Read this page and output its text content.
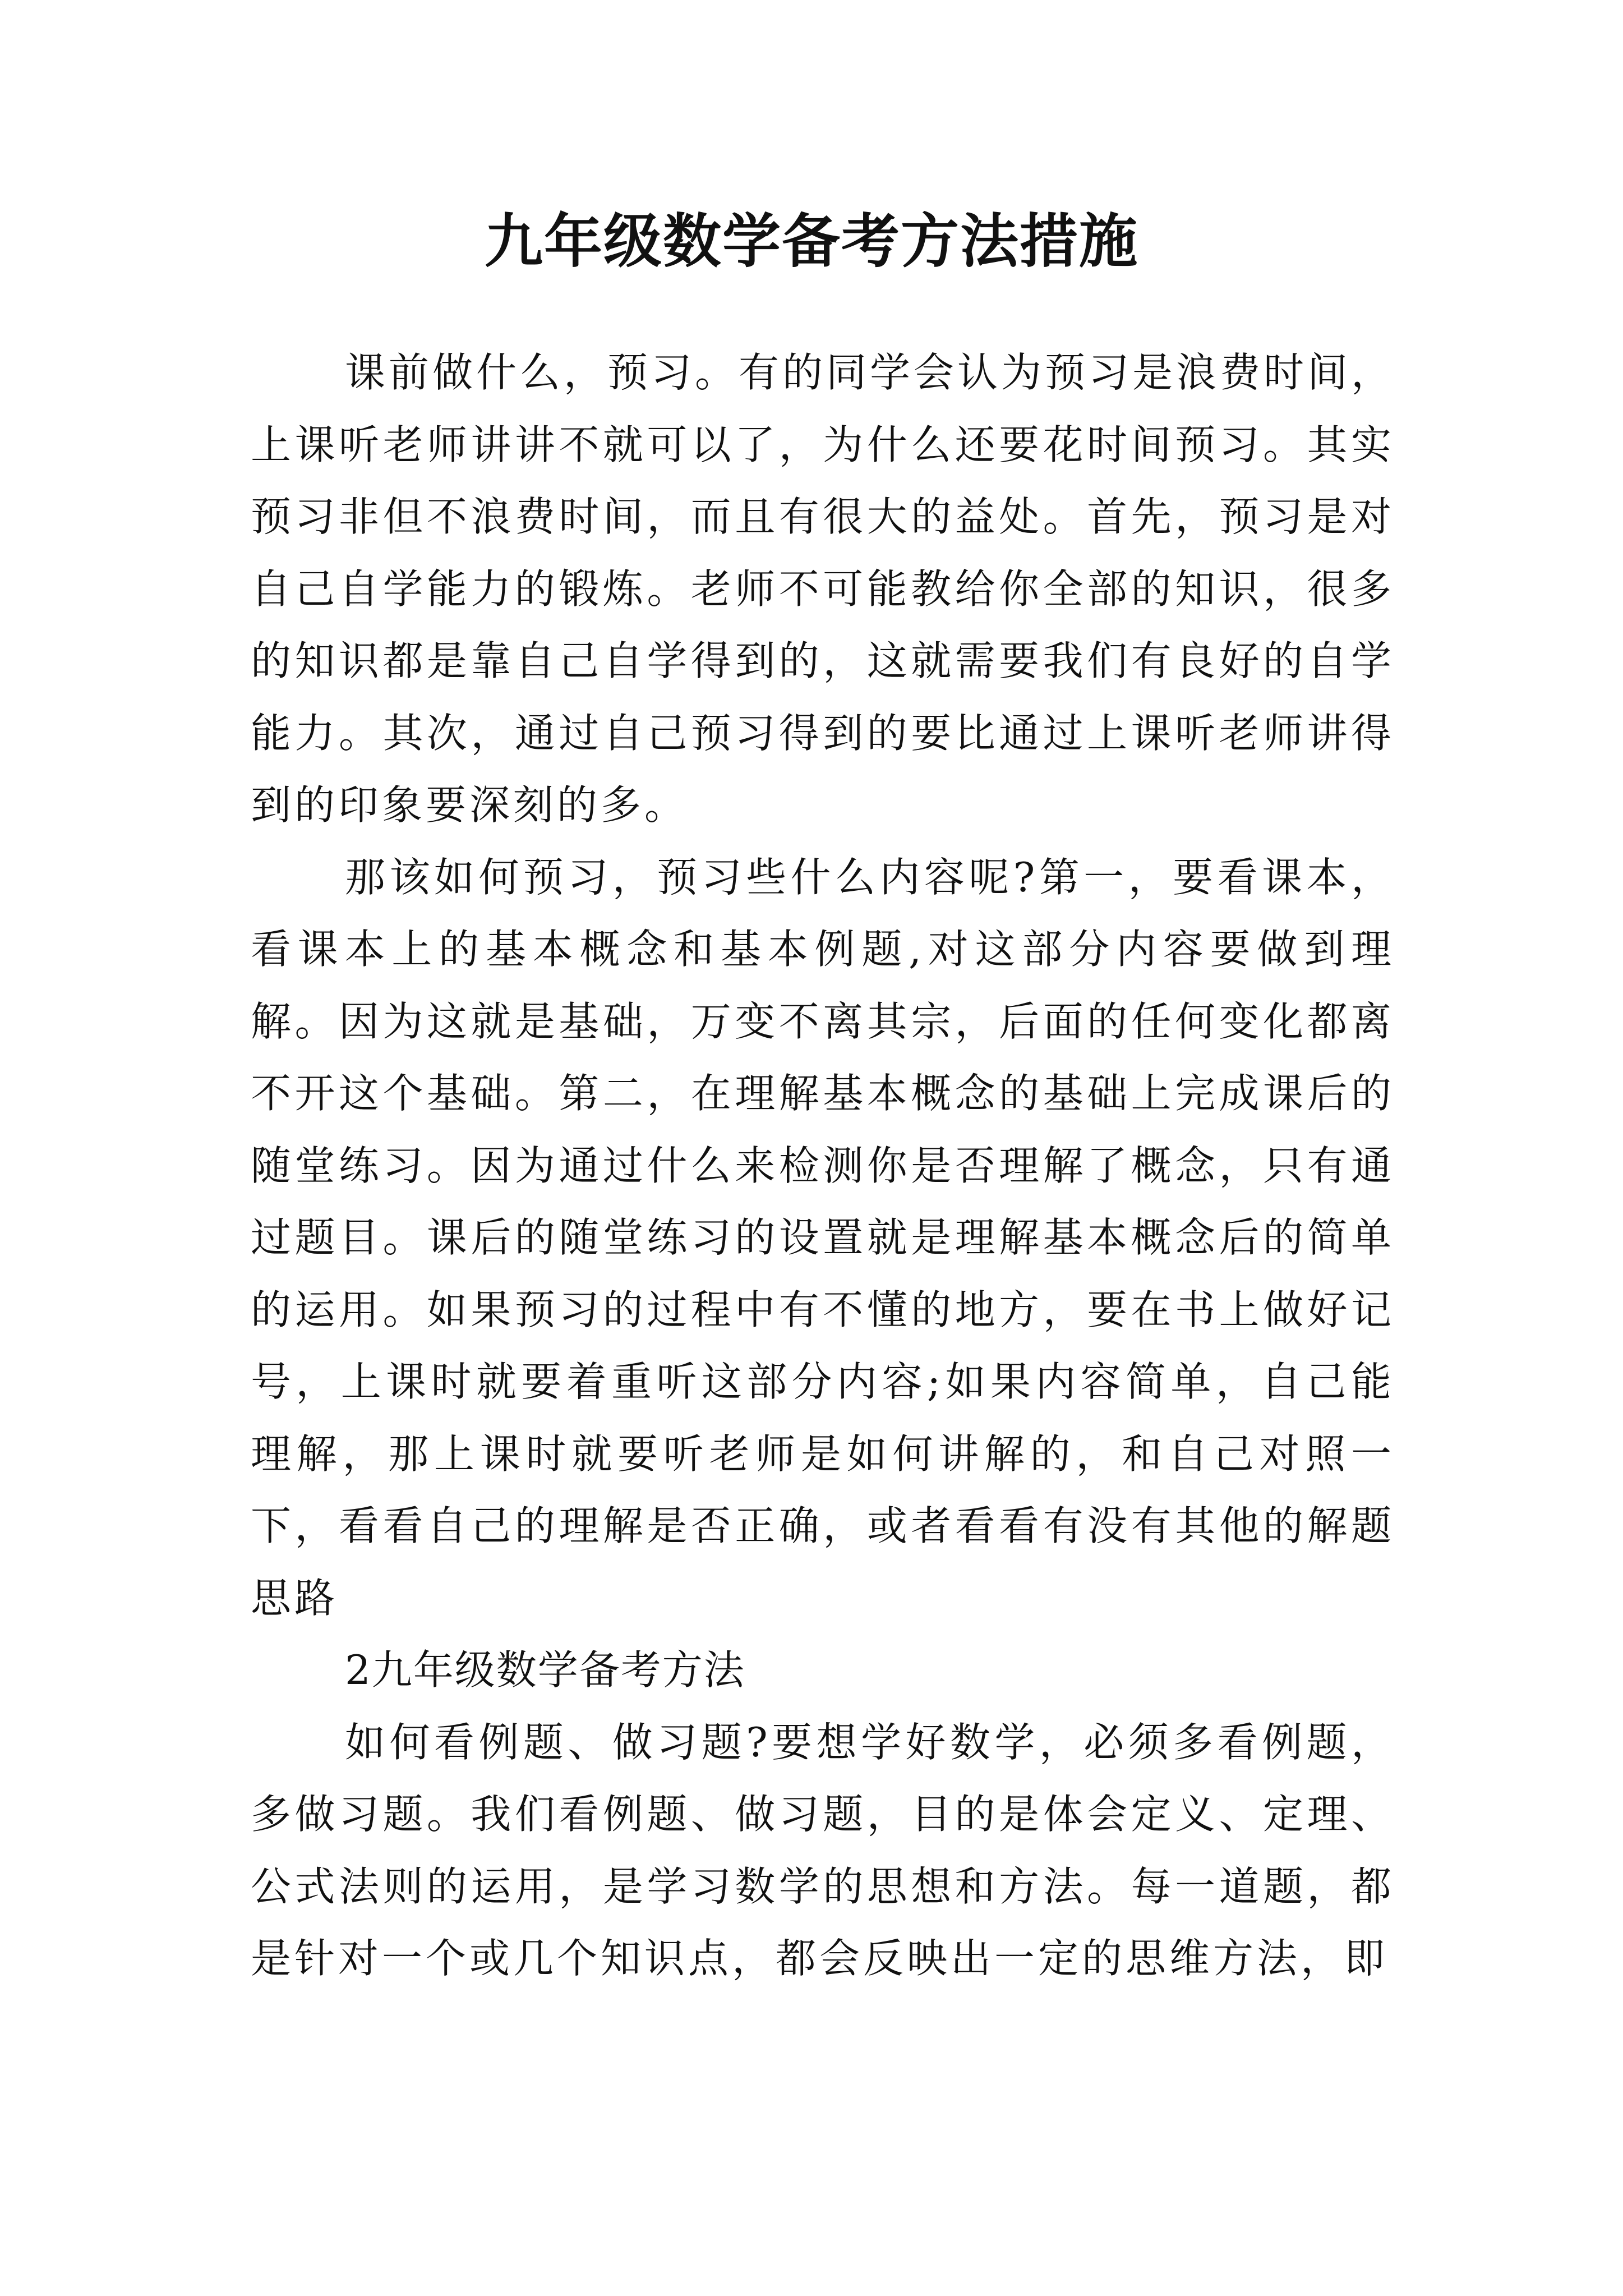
九年级数学备考方法措施

课前做什么，预习。有的同学会认为预习是浪费时间，上课听老师讲讲不就可以了，为什么还要花时间预习。其实预习非但不浪费时间，而且有很大的益处。首先，预习是对自己自学能力的锻炼。老师不可能教给你全部的知识，很多的知识都是靠自己自学得到的，这就需要我们有良好的自学能力。其次，通过自己预习得到的要比通过上课听老师讲得到的印象要深刻的多。

那该如何预习，预习些什么内容呢?第一，要看课本，看课本上的基本概念和基本例题,对这部分内容要做到理解。因为这就是基础，万变不离其宗，后面的任何变化都离不开这个基础。第二，在理解基本概念的基础上完成课后的随堂练习。因为通过什么来检测你是否理解了概念，只有通过题目。课后的随堂练习的设置就是理解基本概念后的简单的运用。如果预习的过程中有不懂的地方，要在书上做好记号，上课时就要着重听这部分内容;如果内容简单，自己能理解，那上课时就要听老师是如何讲解的，和自己对照一下，看看自己的理解是否正确，或者看看有没有其他的解题思路

2九年级数学备考方法

如何看例题、做习题?要想学好数学，必须多看例题，多做习题。我们看例题、做习题，目的是体会定义、定理、公式法则的运用，是学习数学的思想和方法。每一道题，都是针对一个或几个知识点，都会反映出一定的思维方法，即
